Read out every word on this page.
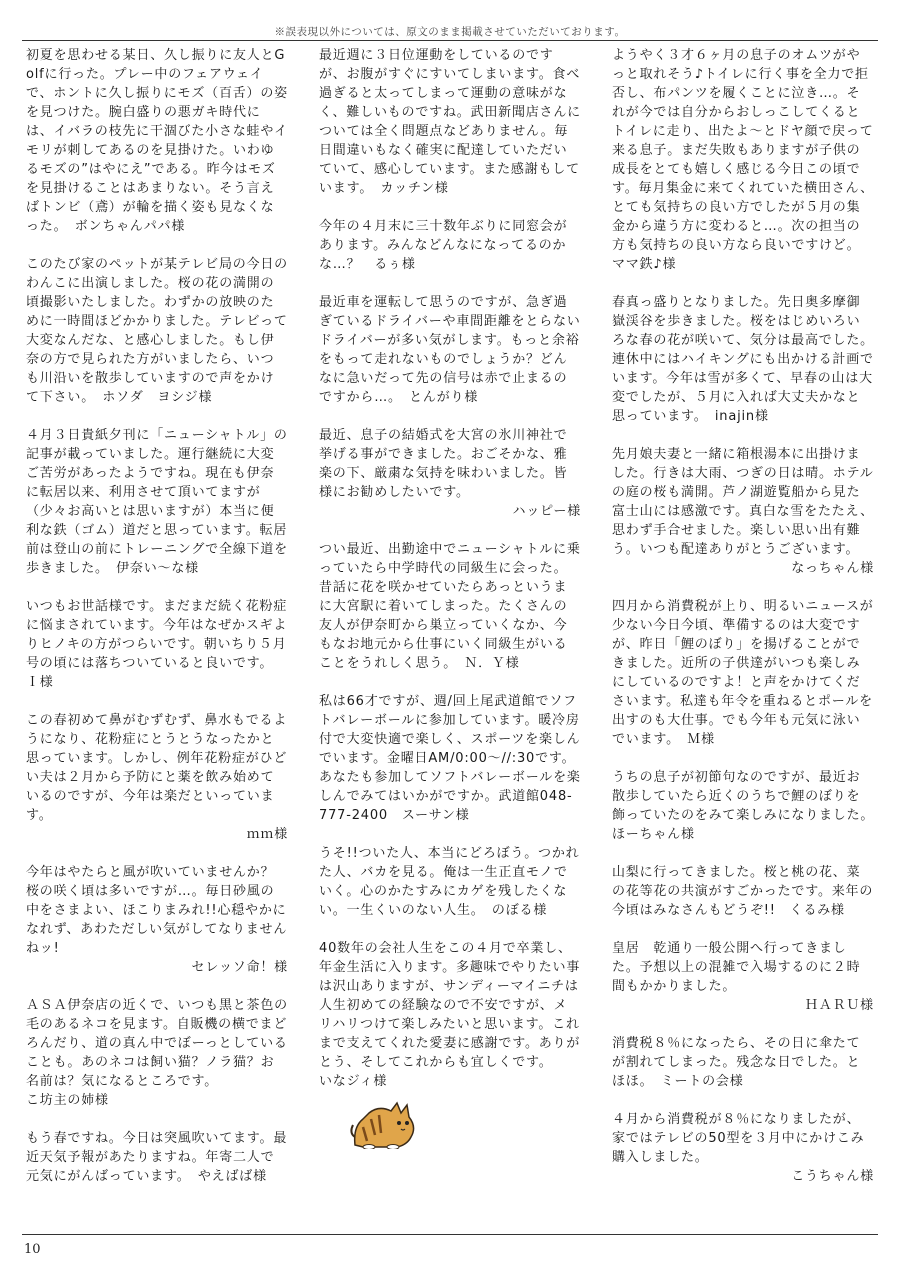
※誤表現以外については、原文のまま掲載させていただいております。

初夏を思わせる某日、久し振りに友人とGolfに行った。プレー中のフェアウェイで、ホントに久し振りにモズ（百舌）の姿を見つけた。腕白盛りの悪ガキ時代には、イバラの枝先に干涸びた小さな蛙やイモリが刺してあるのを見掛けた。いわゆるモズの”はやにえ”である。昨今はモズを見掛けることはあまりない。そう言えばトンビ（鳶）が輪を描く姿も見なくなった。　 ボンちゃんパパ様

このたび家のペットが某テレビ局の今日のわんこに出演しました。桜の花の満開の頃撮影いたしました。わずかの放映のために一時間ほどかかりました。テレビって大変なんだな、と感心しました。もし伊奈の方で見られた方がいましたら、いつも川沿いを散歩していますので声をかけて下さい。　 ホソダ　ヨシジ様

４月３日貴紙夕刊に「ニューシャトル」の記事が載っていました。運行継続に大変ご苦労があったようですね。現在も伊奈に転居以来、利用させて頂いてますが（少々お高いとは思いますが）本当に便利な鉄（ゴム）道だと思っています。転居前は登山の前にトレーニングで全線下道を歩きました。　 伊奈い～な様

いつもお世話様です。まだまだ続く花粉症に悩まされています。今年はなぜかスギよりヒノキの方がつらいです。朝いちり５月号の頃には落ちついていると良いです。　Ｉ様

この春初めて鼻がむずむず、鼻水もでるようになり、花粉症にとうとうなったかと思っています。しかし、例年花粉症がひどい夫は２月から予防にと薬を飲み始めているのですが、今年は楽だといっています。

ｍｍ様

今年はやたらと風が吹いていませんか？桜の咲く頃は多いですが…。毎日砂風の中をさまよい、ほこりまみれ!!心穏やかになれず、あわただしい気がしてなりませんねッ!

セレッソ命！様

ＡＳＡ伊奈店の近くで、いつも黒と茶色の毛のあるネコを見ます。自販機の横でまどろんだり、道の真ん中でぼーっとしていることも。あのネコは飼い猫？ノラ猫？お名前は？気になるところです。　こ坊主の姉様

もう春ですね。今日は突風吹いてます。最近天気予報があたりますね。年寄二人で元気にがんばっています。　 やえばば様

最近週に３日位運動をしているのですが、お腹がすぐにすいてしまいます。食べ過ぎると太ってしまって運動の意味がなく、難しいものですね。武田新聞店さんについては全く問題点などありません。毎日間違いもなく確実に配達していただいていて、感心しています。また感謝もしています。　 カッチン様

今年の４月末に三十数年ぶりに同窓会があります。みんなどんなになってるのかな…？　 るぅ様

最近車を運転して思うのですが、急ぎ過ぎているドライバーや車間距離をとらないドライバーが多い気がします。もっと余裕をもって走れないものでしょうか？どんなに急いだって先の信号は赤で止まるのですから…。　 とんがり様

最近、息子の結婚式を大宮の氷川神社で挙げる事ができました。おごそかな、雅楽の下、厳粛な気持を味わいました。皆様にお勧めしたいです。

ハッピー様

つい最近、出勤途中でニューシャトルに乗っていたら中学時代の同級生に会った。昔話に花を咲かせていたらあっというまに大宮駅に着いてしまった。たくさんの友人が伊奈町から巣立っていくなか、今もなお地元から仕事にいく同級生がいることをうれしく思う。　 Ｎ．Ｙ様

私は66才ですが、週/回上尾武道館でソフトバレーボールに参加しています。暖冷房付で大変快適で楽しく、スポーツを楽しんでいます。金曜日AM/0:00～//:30です。あなたも参加してソフトバレーボールを楽しんでみてはいかがですか。武道館048-777-2400　 スーサン様

うそ!!ついた人、本当にどろぼう。つかれた人、バカを見る。俺は一生正直モノでいく。心のかたすみにカゲを残したくない。一生くいのない人生。　 のぼる様

40数年の会社人生をこの４月で卒業し、年金生活に入ります。多趣味でやりたい事は沢山ありますが、サンディーマイニチは人生初めての経験なので不安ですが、メリハリつけて楽しみたいと思います。これまで支えてくれた愛妻に感謝です。ありがとう、そしてこれからも宜しくです。　いなジィ様

ようやく３才６ヶ月の息子のオムツがやっと取れそう♪トイレに行く事を全力で拒否し、布パンツを履くことに泣き…。それが今では自分からおしっこしてくるとトイレに走り、出たよ～とドヤ顔で戻って来る息子。まだ失敗もありますが子供の成長をとても嬉しく感じる今日この頃です。毎月集金に来てくれていた横田さん、とても気持ちの良い方でしたが５月の集金から違う方に変わると…。次の担当の方も気持ちの良い方なら良いですけど。　ママ鉄♪様

春真っ盛りとなりました。先日奥多摩御嶽渓谷を歩きました。桜をはじめいろいろな春の花が咲いて、気分は最高でした。連休中にはハイキングにも出かける計画でいます。今年は雪が多くて、早春の山は大変でしたが、５月に入れば大丈夫かなと思っています。　 inajin様

先月娘夫妻と一緒に箱根湯本に出掛けました。行きは大雨、つぎの日は晴。ホテルの庭の桜も満開。芦ノ湖遊覧船から見た富士山には感激です。真白な雪をたたえ、思わず手合せました。楽しい思い出有難う。いつも配達ありがとうございます。

なっちゃん様

四月から消費税が上り、明るいニュースが少ない今日今頃、準備するのは大変ですが、昨日「鯉のぼり」を揚げることができました。近所の子供達がいつも楽しみにしているのですよ！と声をかけてくださいます。私達も年令を重ねるとポールを出すのも大仕事。でも今年も元気に泳いでいます。　 Ｍ様

うちの息子が初節句なのですが、最近お散歩していたら近くのうちで鯉のぼりを飾っていたのをみて楽しみになりました。　ほーちゃん様

山梨に行ってきました。桜と桃の花、菜の花等花の共演がすごかったです。来年の今頃はみなさんもどうぞ!!　 くるみ様

皇居　乾通り一般公開へ行ってきました。予想以上の混雑で入場するのに２時間もかかりました。

ＨＡＲＵ様

消費税８％になったら、その日に傘たてが割れてしまった。残念な日でした。とほほ。　 ミートの会様

４月から消費税が８％になりましたが、家ではテレビの50型を３月中にかけこみ購入しました。

こうちゃん様

10
